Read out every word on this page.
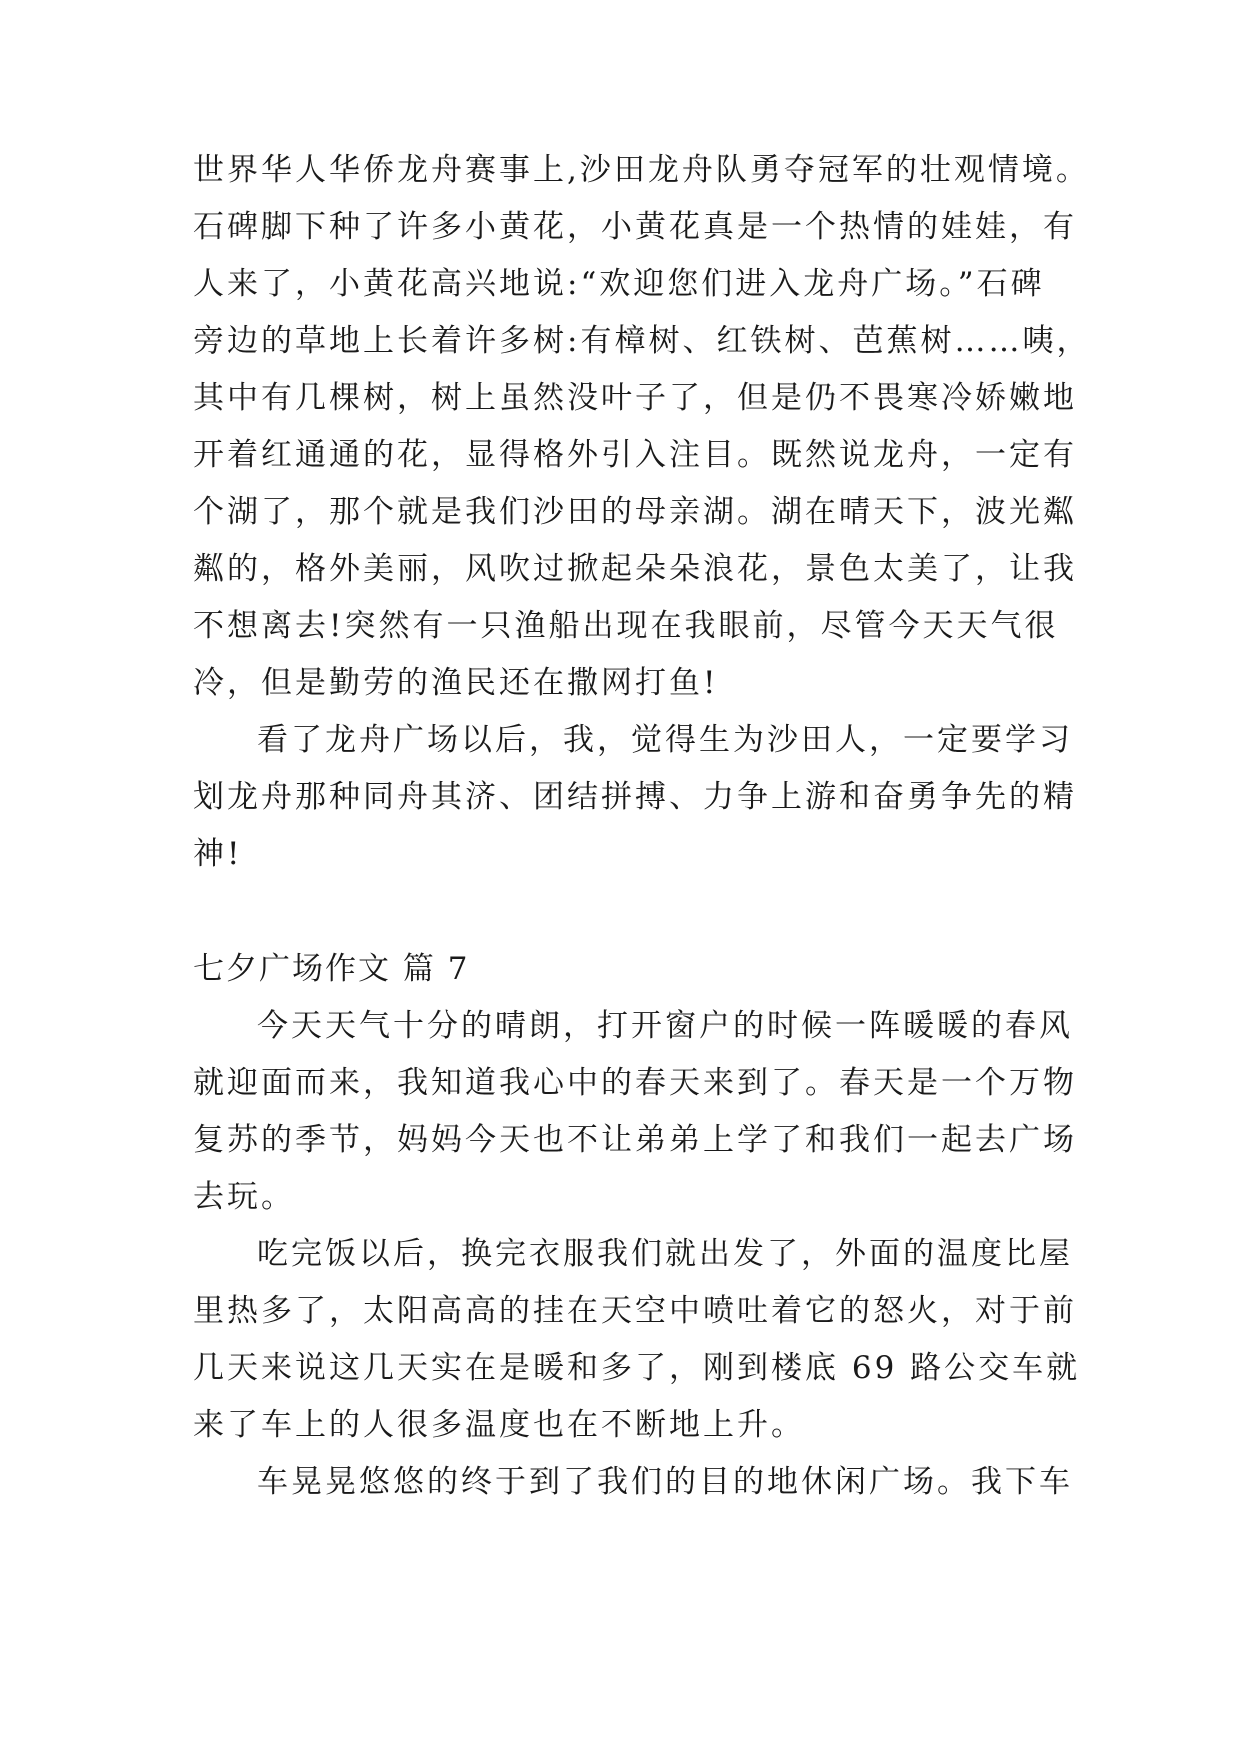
世界华人华侨龙舟赛事上,沙田龙舟队勇夺冠军的壮观情境。
石碑脚下种了许多小黄花，小黄花真是一个热情的娃娃，有
人来了，小黄花高兴地说:“欢迎您们进入龙舟广场。”石碑
旁边的草地上长着许多树:有樟树、红铁树、芭蕉树……咦，
其中有几棵树，树上虽然没叶子了，但是仍不畏寒冷娇嫩地
开着红通通的花，显得格外引入注目。既然说龙舟，一定有
个湖了，那个就是我们沙田的母亲湖。湖在晴天下，波光粼
粼的，格外美丽，风吹过掀起朵朵浪花，景色太美了，让我
不想离去!突然有一只渔船出现在我眼前，尽管今天天气很
冷，但是勤劳的渔民还在撒网打鱼!
看了龙舟广场以后，我，觉得生为沙田人，一定要学习
划龙舟那种同舟其济、团结拼搏、力争上游和奋勇争先的精
神!
七夕广场作文 篇 7
今天天气十分的晴朗，打开窗户的时候一阵暖暖的春风
就迎面而来，我知道我心中的春天来到了。春天是一个万物
复苏的季节，妈妈今天也不让弟弟上学了和我们一起去广场
去玩。
吃完饭以后，换完衣服我们就出发了，外面的温度比屋
里热多了，太阳高高的挂在天空中喷吐着它的怒火，对于前
几天来说这几天实在是暖和多了，刚到楼底 69 路公交车就
来了车上的人很多温度也在不断地上升。
车晃晃悠悠的终于到了我们的目的地休闲广场。我下车
